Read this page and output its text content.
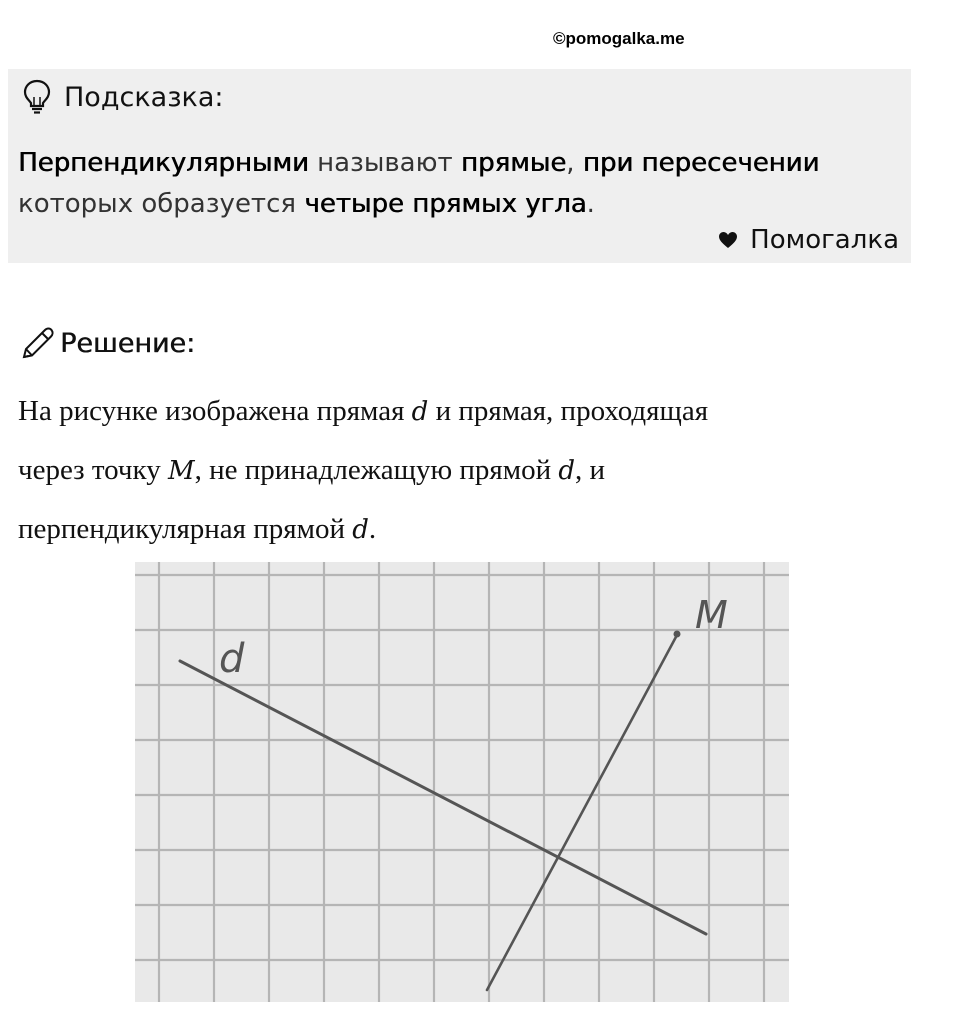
©pomogalka.me
Подсказка:
Перпендикулярными называют прямые, при пересечении которых образуется четыре прямых угла.
Помогалка
Решение:
На рисунке изображена прямая d и прямая, проходящая
через точку M, не принадлежащую прямой d, и
перпендикулярная прямой d.
d
M
